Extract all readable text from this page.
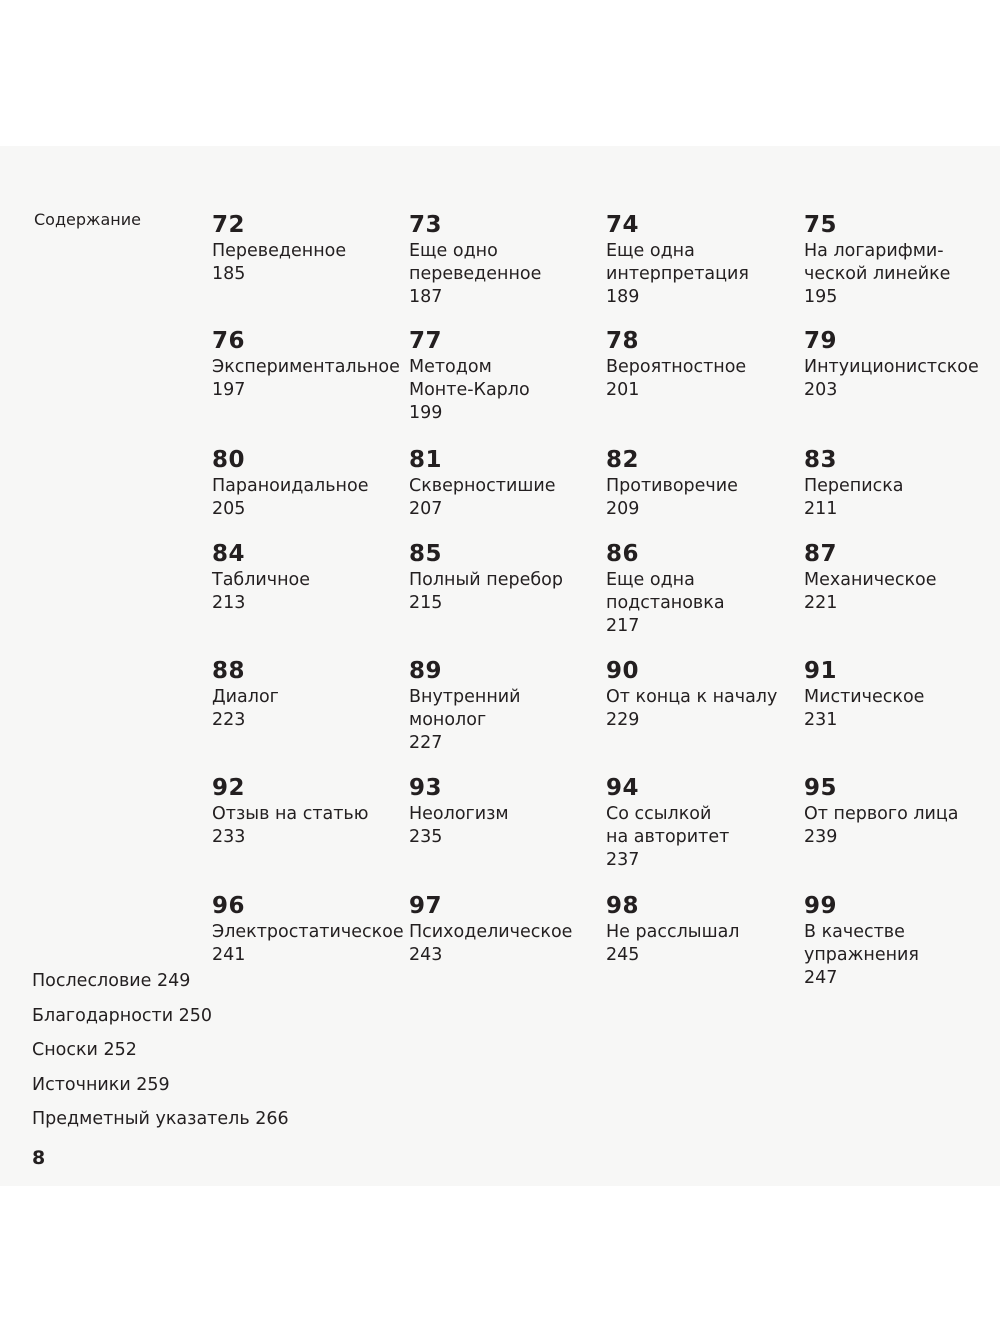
Содержание	72
Переведенное
185
73
Еще одно
переведенное
187
74
Еще одна
интерпретация
189
75
На логарифми-
ческой линейке
195
76
Экспериментальное
197
77
Методом
Монте-Карло
199
78
Вероятностное
201
79
Интуиционистское
203
80
Параноидальное
205
81
Скверностишие
207
82
Противоречие
209
83
Переписка
211
84
Табличное
213
85
Полный перебор
215
86
Еще одна
подстановка
217
87
Механическое
221
88
Диалог
223
89
Внутренний
монолог
227
90
От конца к началу
229
91
Мистическое
231
92
Отзыв на статью
233
93
Неологизм
235
94
Со ссылкой
на авторитет
237
95
От первого лица
239
96
Электростатическое
241
97
Психоделическое
243
98
Не расслышал
245
99
В качестве
упражнения
247
Послесловие 249
Благодарности 250
Сноски 252
Источники 259
Предметный указатель 266
8
